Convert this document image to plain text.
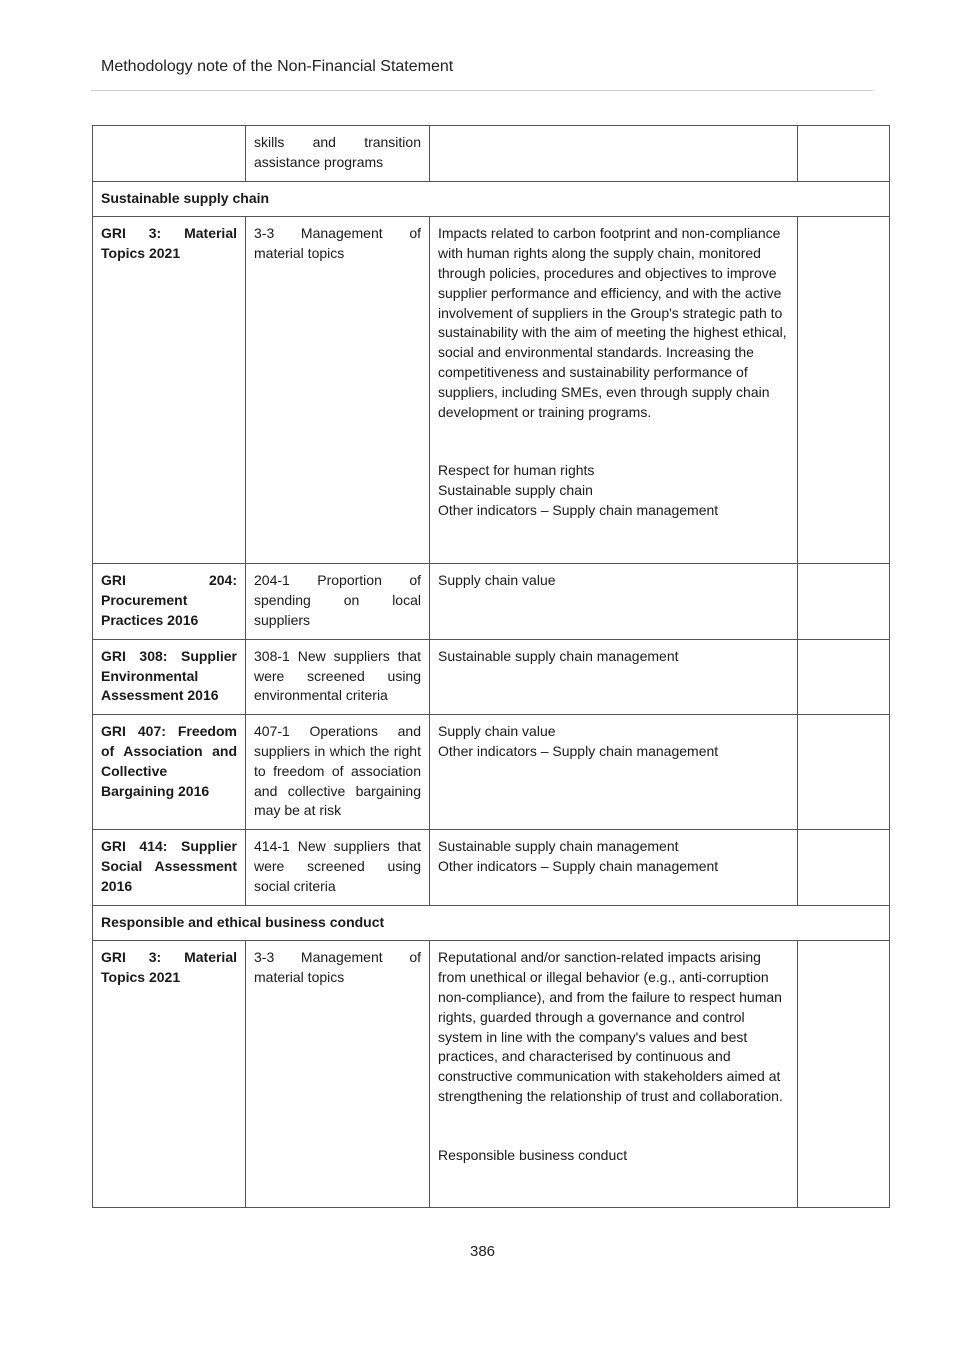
Methodology note of the Non-Financial Statement
	skills and transition assistance programs		
Sustainable supply chain			
GRI 3: Material Topics 2021	3-3 Management of material topics	Impacts related to carbon footprint and non-compliance with human rights along the supply chain, monitored through policies, procedures and objectives to improve supplier performance and efficiency, and with the active involvement of suppliers in the Group's strategic path to sustainability with the aim of meeting the highest ethical, social and environmental standards. Increasing the competitiveness and sustainability performance of suppliers, including SMEs, even through supply chain development or training programs.
Respect for human rights
Sustainable supply chain
Other indicators – Supply chain management	

GRI 204: Procurement Practices 2016	204-1 Proportion of spending on local suppliers	Supply chain value	

GRI 308: Supplier Environmental Assessment 2016	308-1 New suppliers that were screened using environmental criteria	Sustainable supply chain management	

GRI 407: Freedom of Association and Collective Bargaining 2016	407-1 Operations and suppliers in which the right to freedom of association and collective bargaining may be at risk	Supply chain value
Other indicators – Supply chain management	

GRI 414: Supplier Social Assessment 2016	414-1 New suppliers that were screened using social criteria	Sustainable supply chain management
Other indicators – Supply chain management	

Responsible and ethical business conduct			
GRI 3: Material Topics 2021	3-3 Management of material topics	Reputational and/or sanction-related impacts arising from unethical or illegal behavior (e.g., anti-corruption non-compliance), and from the failure to respect human rights, guarded through a governance and control system in line with the company's values and best practices, and characterised by continuous and constructive communication with stakeholders aimed at strengthening the relationship of trust and collaboration.
Responsible business conduct	

386
